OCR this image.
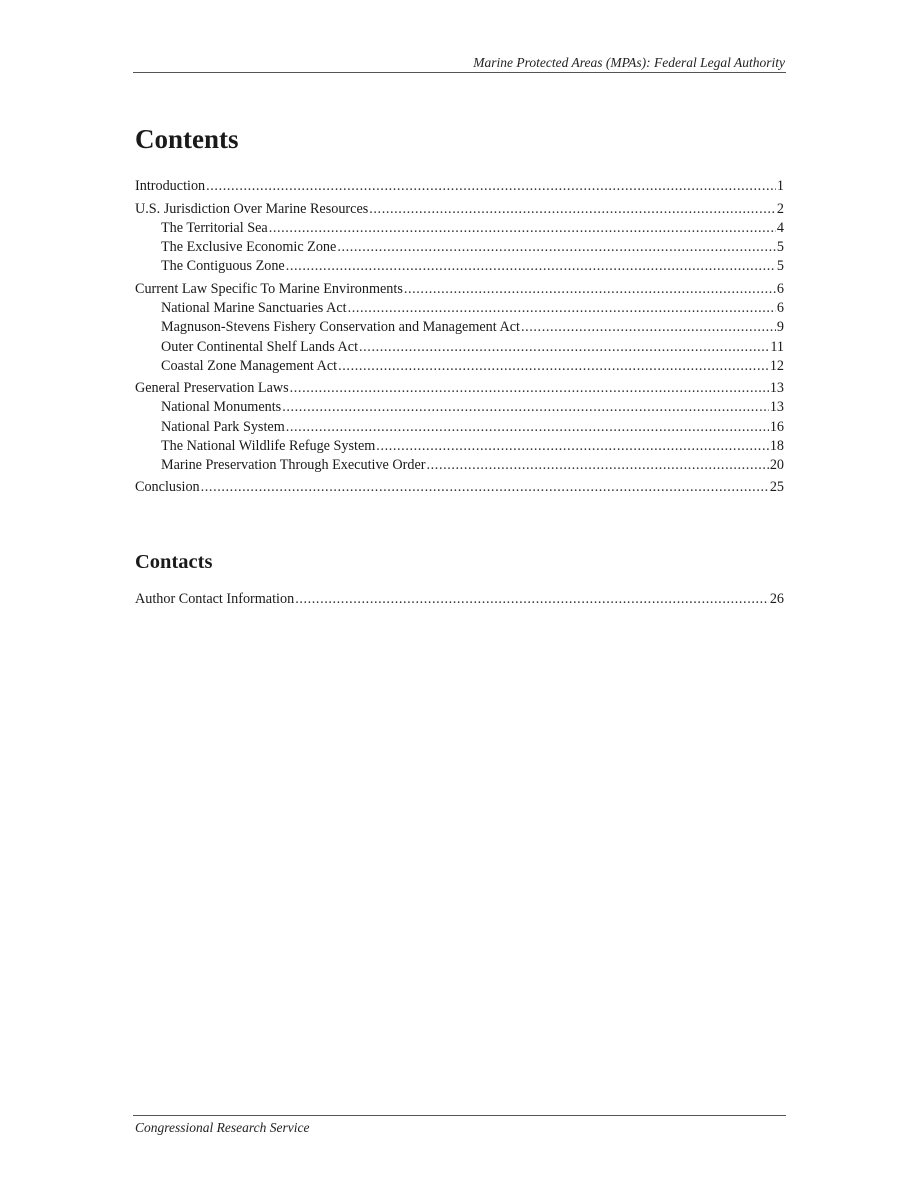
Marine Protected Areas (MPAs): Federal Legal Authority
Contents
Introduction .....	1
U.S. Jurisdiction Over Marine Resources .....	2
The Territorial Sea .....	4
The Exclusive Economic Zone .....	5
The Contiguous Zone .....	5
Current Law Specific To Marine Environments .....	6
National Marine Sanctuaries Act .....	6
Magnuson-Stevens Fishery Conservation and Management Act .....	9
Outer Continental Shelf Lands Act .....	11
Coastal Zone Management Act .....	12
General Preservation Laws .....	13
National Monuments .....	13
National Park System .....	16
The National Wildlife Refuge System .....	18
Marine Preservation Through Executive Order .....	20
Conclusion .....	25
Contacts
Author Contact Information .....	26
Congressional Research Service
